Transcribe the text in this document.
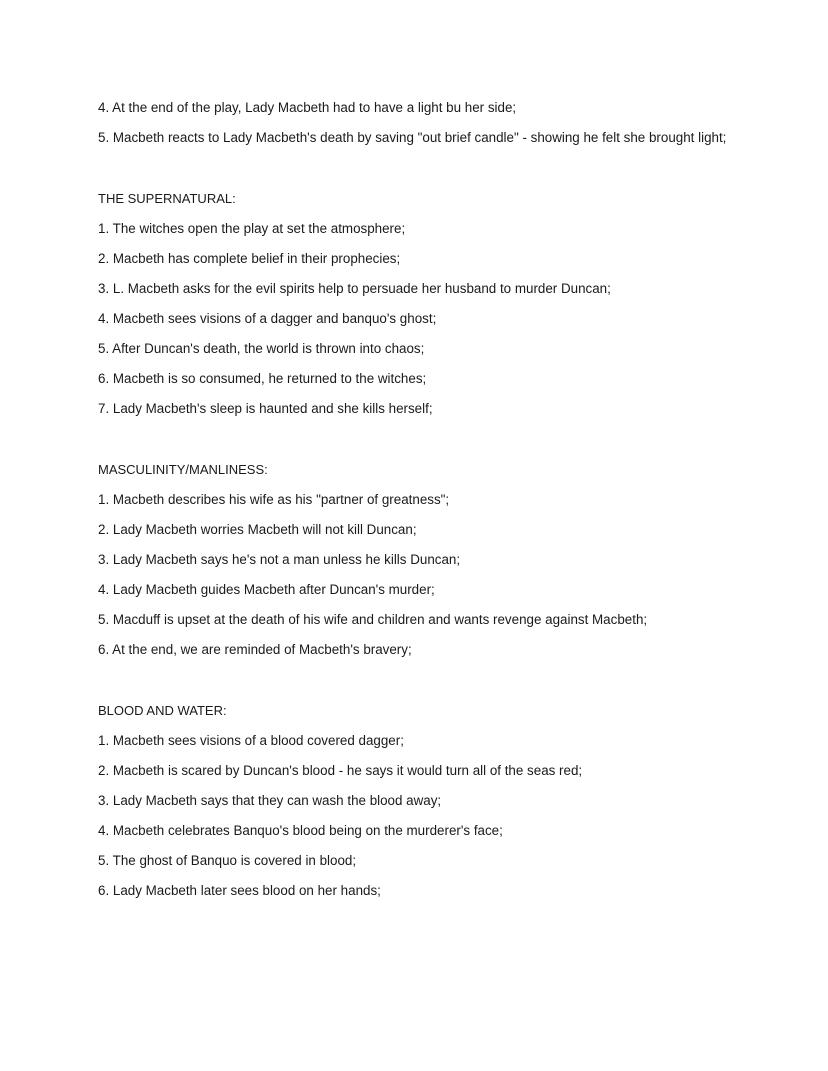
4. At the end of the play, Lady Macbeth had to have a light bu her side;

5. Macbeth reacts to Lady Macbeth's death by saving "out brief candle" - showing he felt she brought light;

THE SUPERNATURAL:

1. The witches open the play at set the atmosphere;

2. Macbeth has complete belief in their prophecies;

3. L. Macbeth asks for the evil spirits help to persuade her husband to murder Duncan;

4. Macbeth sees visions of a dagger and banquo's ghost;

5. After Duncan's death, the world is thrown into chaos;

6. Macbeth is so consumed, he returned to the witches;

7. Lady Macbeth's sleep is haunted and she kills herself;

MASCULINITY/MANLINESS:

1. Macbeth describes his wife as his "partner of greatness";

2. Lady Macbeth worries Macbeth will not kill Duncan;

3. Lady Macbeth says he's not a man unless he kills Duncan;

4. Lady Macbeth guides Macbeth after Duncan's murder;

5. Macduff is upset at the death of his wife and children and wants revenge against Macbeth;

6. At the end, we are reminded of Macbeth's bravery;

BLOOD AND WATER:

1. Macbeth sees visions of a blood covered dagger;

2. Macbeth is scared by Duncan's blood - he says it would turn all of the seas red;

3. Lady Macbeth says that they can wash the blood away;

4. Macbeth celebrates Banquo's blood being on the murderer's face;

5. The ghost of Banquo is covered in blood;

6. Lady Macbeth later sees blood on her hands;
